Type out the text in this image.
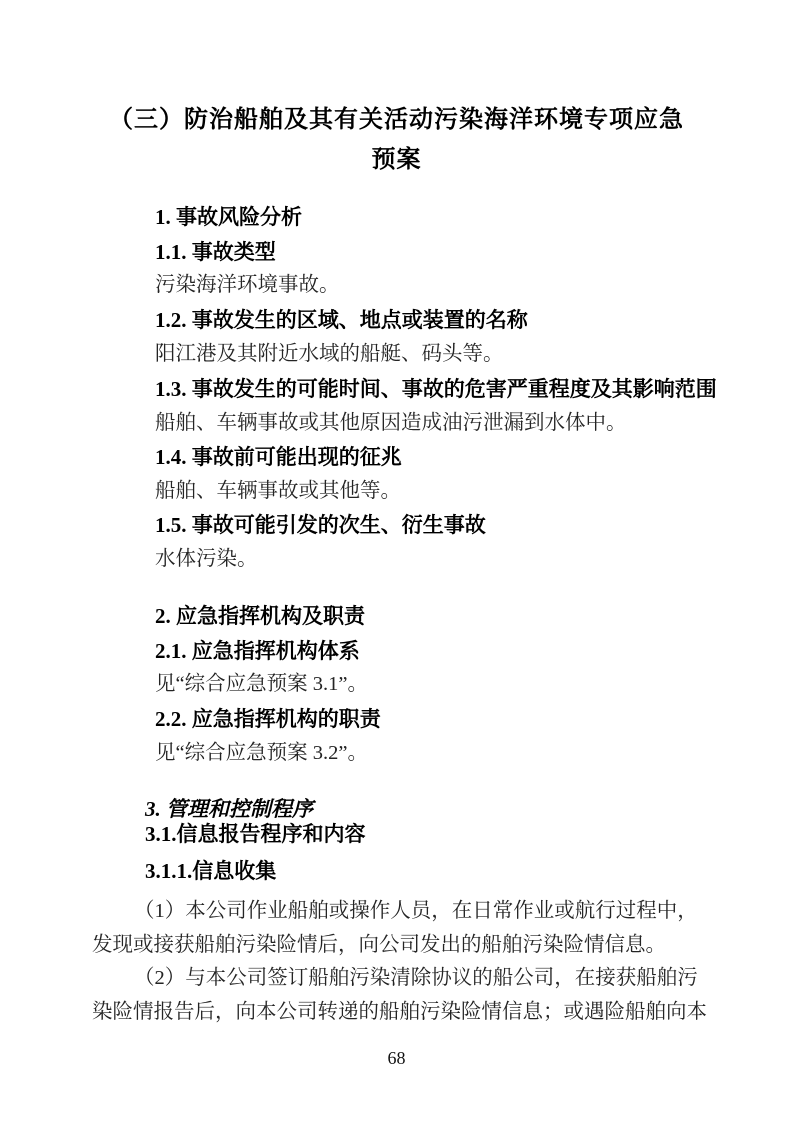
（三）防治船舶及其有关活动污染海洋环境专项应急
预案
1. 事故风险分析
1.1. 事故类型
污染海洋环境事故。
1.2. 事故发生的区域、地点或装置的名称
阳江港及其附近水域的船艇、码头等。
1.3. 事故发生的可能时间、事故的危害严重程度及其影响范围
船舶、车辆事故或其他原因造成油污泄漏到水体中。
1.4. 事故前可能出现的征兆
船舶、车辆事故或其他等。
1.5. 事故可能引发的次生、衍生事故
水体污染。
2. 应急指挥机构及职责
2.1. 应急指挥机构体系
见“综合应急预案 3.1”。
2.2. 应急指挥机构的职责
见“综合应急预案 3.2”。
3. 管理和控制程序
3.1.信息报告程序和内容
3.1.1.信息收集
（1）本公司作业船舶或操作人员，在日常作业或航行过程中，
发现或接获船舶污染险情后，向公司发出的船舶污染险情信息。
（2）与本公司签订船舶污染清除协议的船公司，在接获船舶污
染险情报告后，向本公司转递的船舶污染险情信息；或遇险船舶向本
68
